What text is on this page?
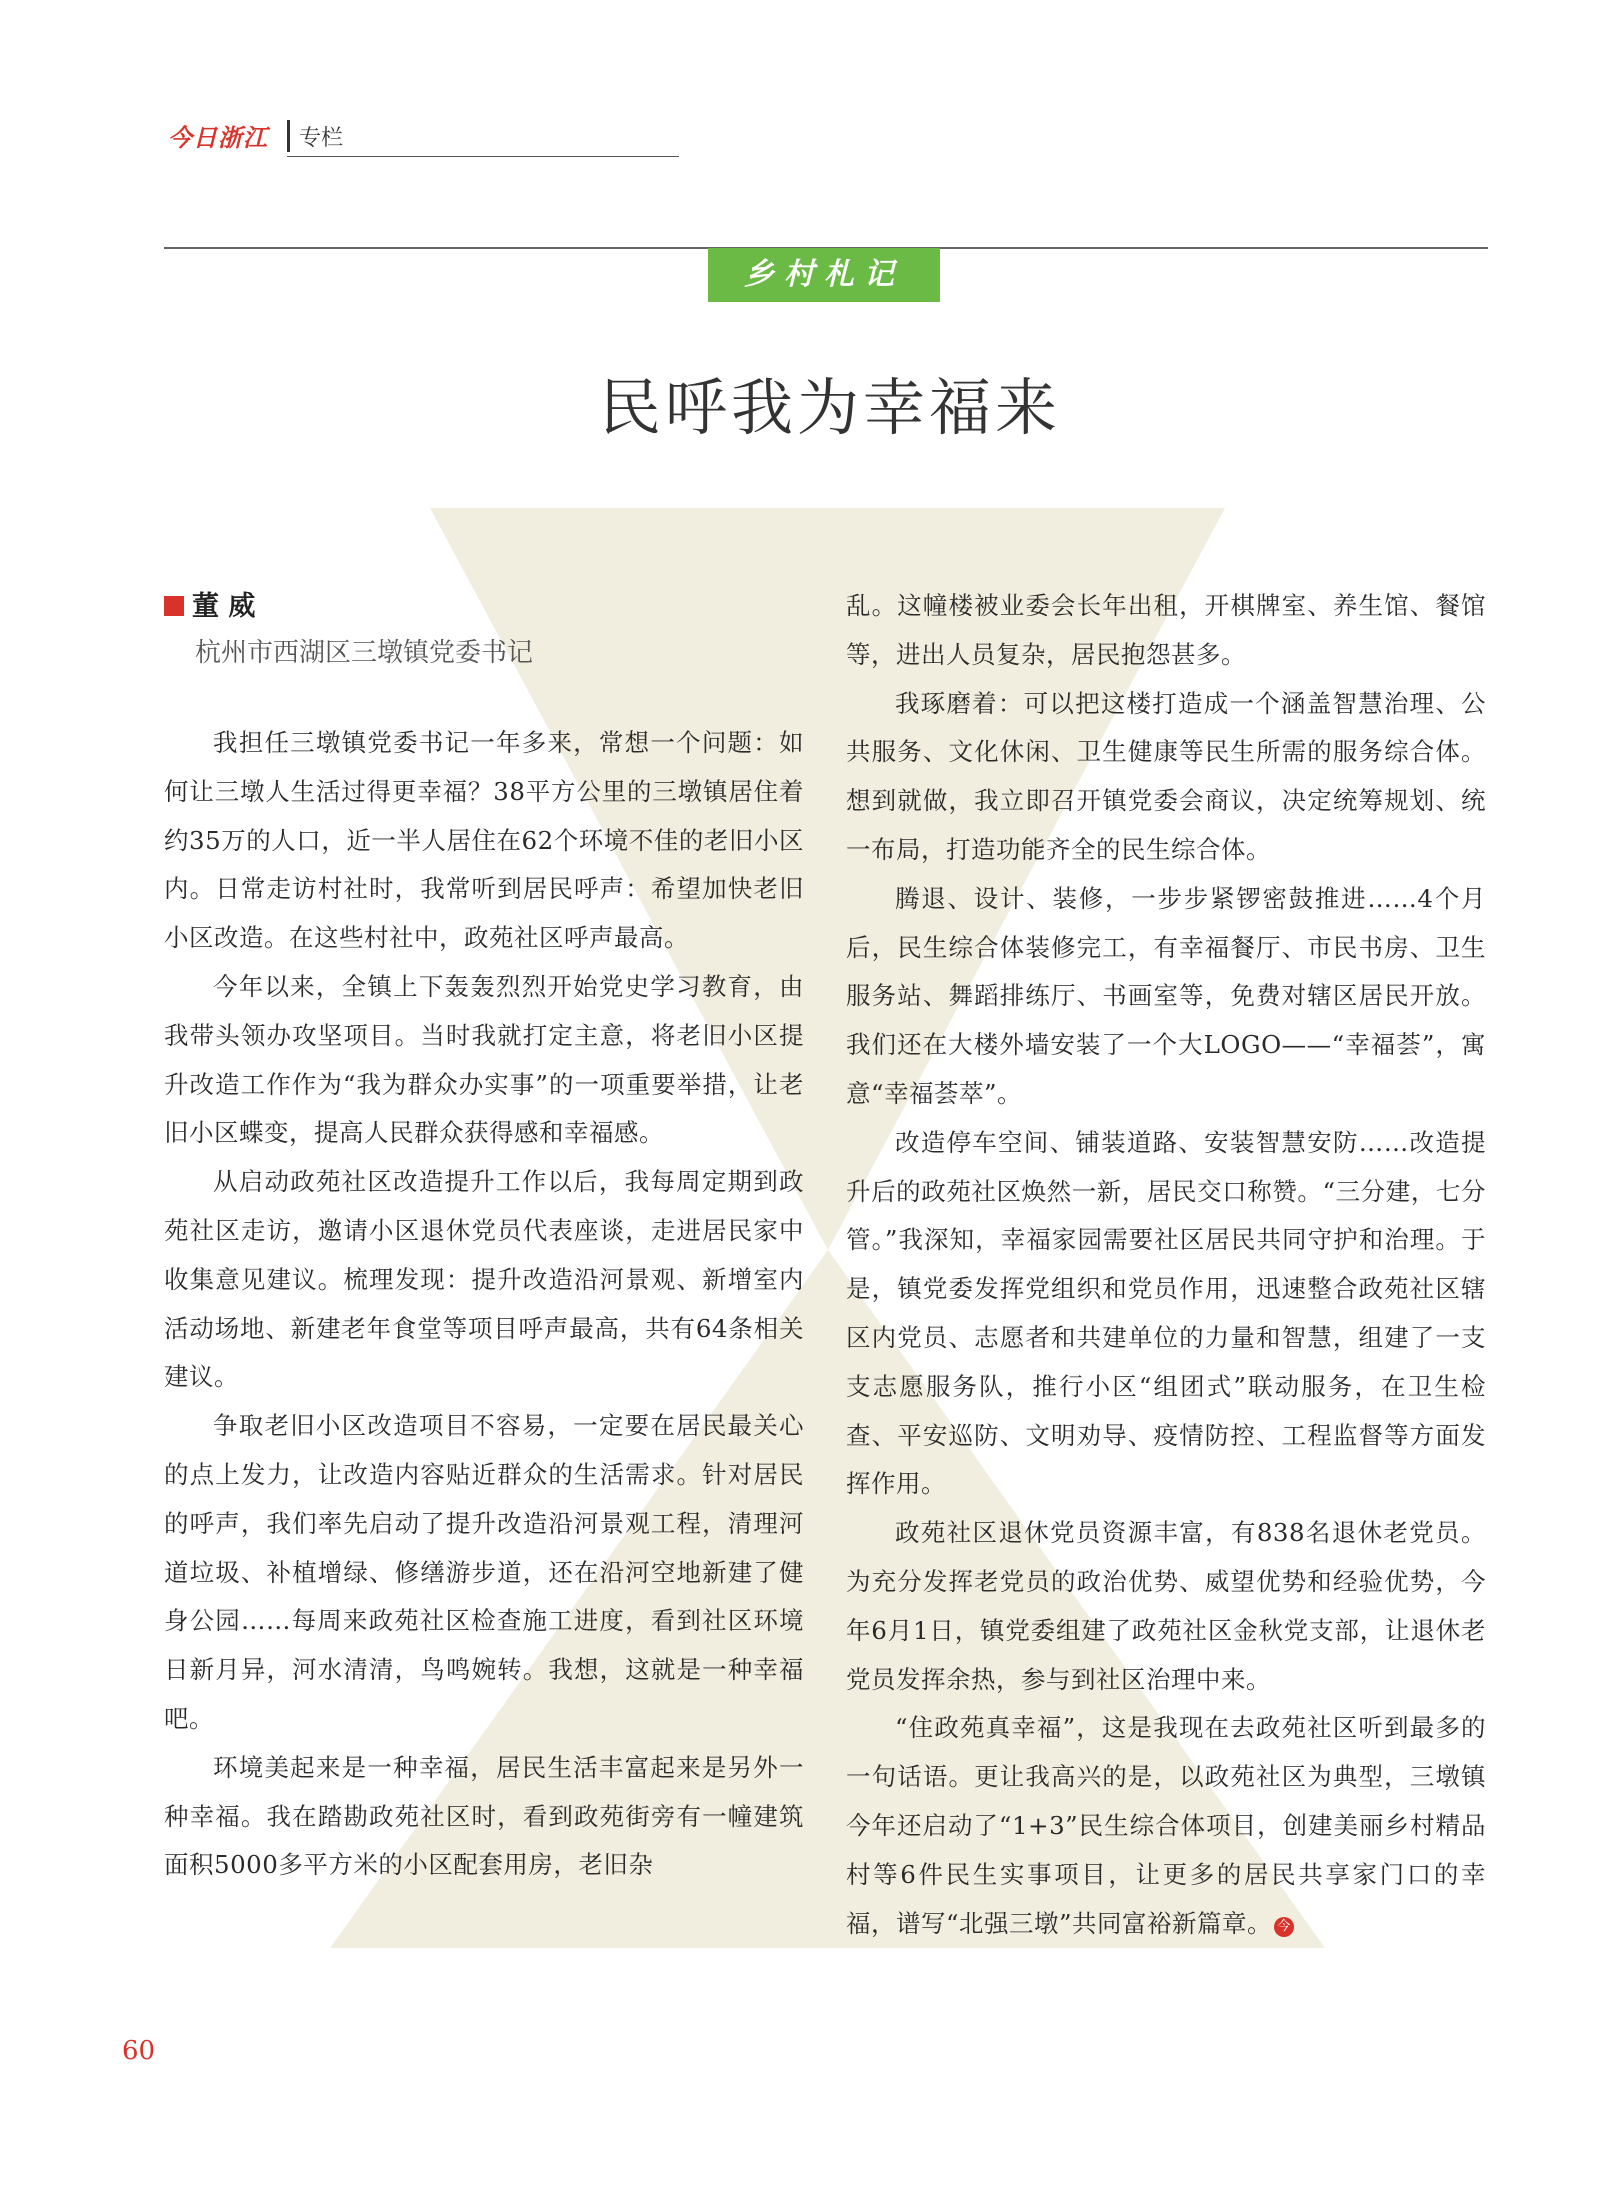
今日浙江 专栏
乡村札记
民呼我为幸福来
董 威
杭州市西湖区三墩镇党委书记

我担任三墩镇党委书记一年多来，常想一个问题：如何让三墩人生活过得更幸福？38平方公里的三墩镇居住着约35万的人口，近一半人居住在62个环境不佳的老旧小区内。日常走访村社时，我常听到居民呼声：希望加快老旧小区改造。在这些村社中，政苑社区呼声最高。

今年以来，全镇上下轰轰烈烈开始党史学习教育，由我带头领办攻坚项目。当时我就打定主意，将老旧小区提升改造工作作为“我为群众办实事”的一项重要举措，让老旧小区蝶变，提高人民群众获得感和幸福感。

从启动政苑社区改造提升工作以后，我每周定期到政苑社区走访，邀请小区退休党员代表座谈，走进居民家中收集意见建议。梳理发现：提升改造沿河景观、新增室内活动场地、新建老年食堂等项目呼声最高，共有64条相关建议。

争取老旧小区改造项目不容易，一定要在居民最关心的点上发力，让改造内容贴近群众的生活需求。针对居民的呼声，我们率先启动了提升改造沿河景观工程，清理河道垃圾、补植增绿、修缮游步道，还在沿河空地新建了健身公园……每周来政苑社区检查施工进度，看到社区环境日新月异，河水清清，鸟鸣婉转。我想，这就是一种幸福吧。

环境美起来是一种幸福，居民生活丰富起来是另外一种幸福。我在踏勘政苑社区时，看到政苑街旁有一幢建筑面积5000多平方米的小区配套用房，老旧杂

乱。这幢楼被业委会长年出租，开棋牌室、养生馆、餐馆等，进出人员复杂，居民抱怨甚多。

我琢磨着：可以把这楼打造成一个涵盖智慧治理、公共服务、文化休闲、卫生健康等民生所需的服务综合体。想到就做，我立即召开镇党委会商议，决定统筹规划、统一布局，打造功能齐全的民生综合体。

腾退、设计、装修，一步步紧锣密鼓推进……4个月后，民生综合体装修完工，有幸福餐厅、市民书房、卫生服务站、舞蹈排练厅、书画室等，免费对辖区居民开放。我们还在大楼外墙安装了一个大LOGO——“幸福荟”，寓意“幸福荟萃”。

改造停车空间、铺装道路、安装智慧安防……改造提升后的政苑社区焕然一新，居民交口称赞。“三分建，七分管。”我深知，幸福家园需要社区居民共同守护和治理。于是，镇党委发挥党组织和党员作用，迅速整合政苑社区辖区内党员、志愿者和共建单位的力量和智慧，组建了一支支志愿服务队，推行小区“组团式”联动服务，在卫生检查、平安巡防、文明劝导、疫情防控、工程监督等方面发挥作用。

政苑社区退休党员资源丰富，有838名退休老党员。为充分发挥老党员的政治优势、威望优势和经验优势，今年6月1日，镇党委组建了政苑社区金秋党支部，让退休老党员发挥余热，参与到社区治理中来。

“住政苑真幸福”，这是我现在去政苑社区听到最多的一句话语。更让我高兴的是，以政苑社区为典型，三墩镇今年还启动了“1+3”民生综合体项目，创建美丽乡村精品村等6件民生实事项目，让更多的居民共享家门口的幸福，谱写“北强三墩”共同富裕新篇章。 今

60
